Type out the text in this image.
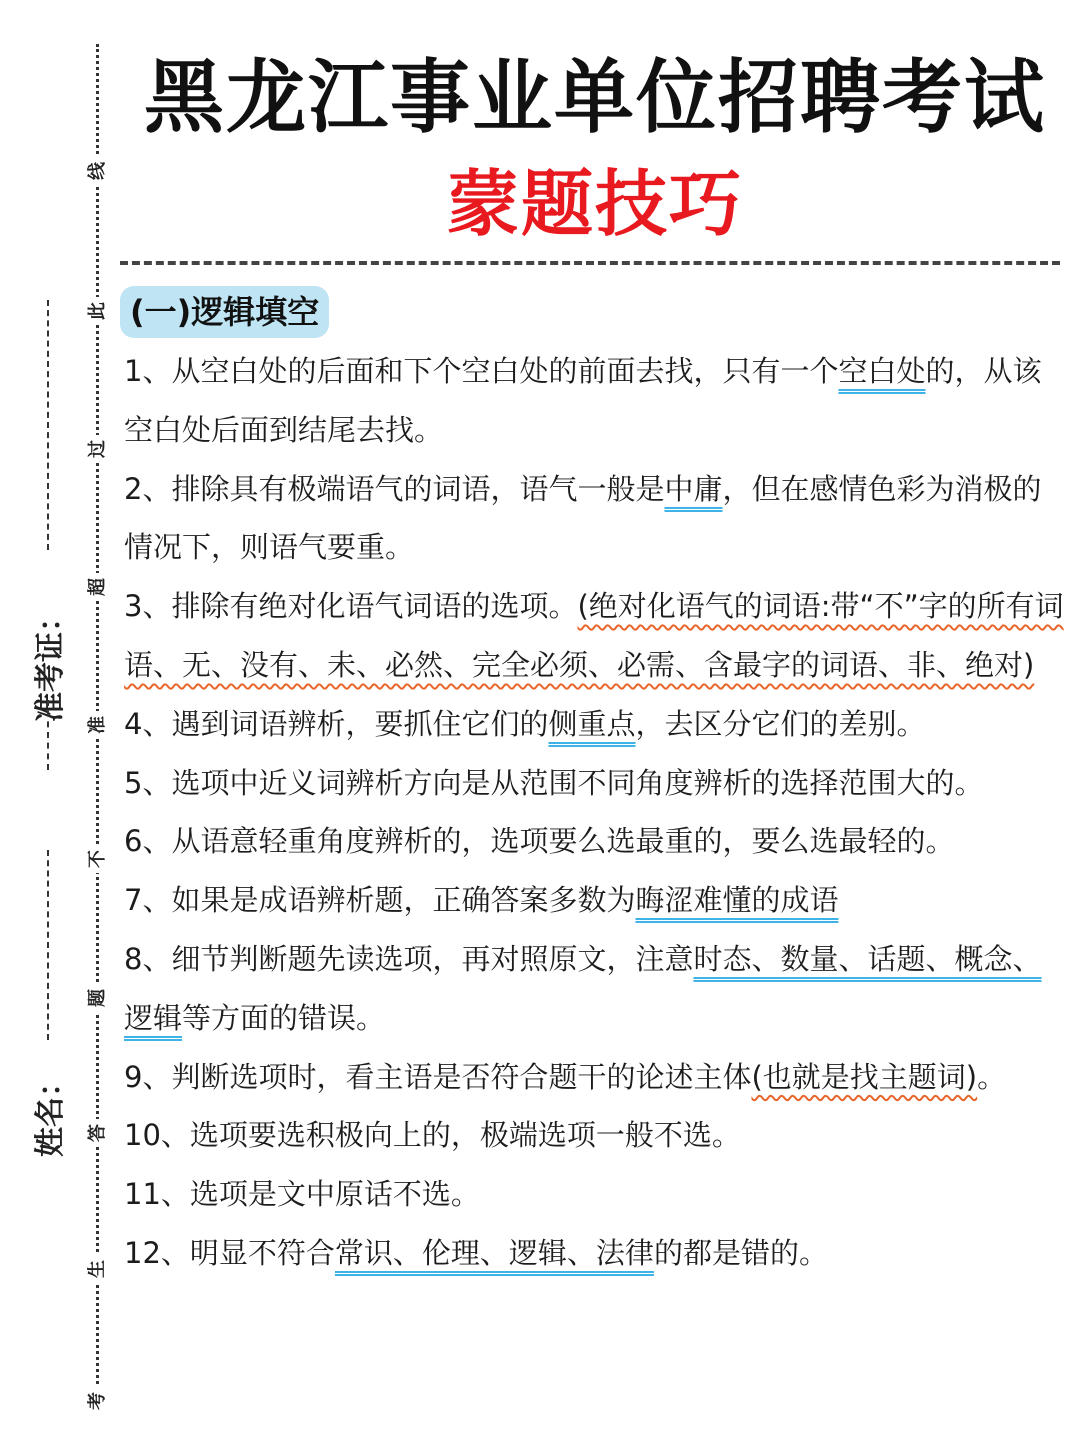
线
此
过
超
准
不
题
答
生
考
准考证：
姓名：
黑龙江事业单位招聘考试
蒙题技巧
(一)逻辑填空

1、从空白处的后面和下个空白处的前面去找，只有一个空白处的，从该空白处后面到结尾去找。

2、排除具有极端语气的词语，语气一般是中庸，但在感情色彩为消极的情况下，则语气要重。

3、排除有绝对化语气词语的选项。(绝对化语气的词语:带“不”字的所有词语、无、没有、未、必然、完全必须、必需、含最字的词语、非、绝对)

4、遇到词语辨析，要抓住它们的侧重点，去区分它们的差别。

5、选项中近义词辨析方向是从范围不同角度辨析的选择范围大的。

6、从语意轻重角度辨析的，选项要么选最重的，要么选最轻的。

7、如果是成语辨析题，正确答案多数为晦涩难懂的成语

8、细节判断题先读选项，再对照原文，注意时态、数量、话题、概念、逻辑等方面的错误。

9、判断选项时，看主语是否符合题干的论述主体(也就是找主题词)。

10、选项要选积极向上的，极端选项一般不选。

11、选项是文中原话不选。

12、明显不符合常识、伦理、逻辑、法律的都是错的。
